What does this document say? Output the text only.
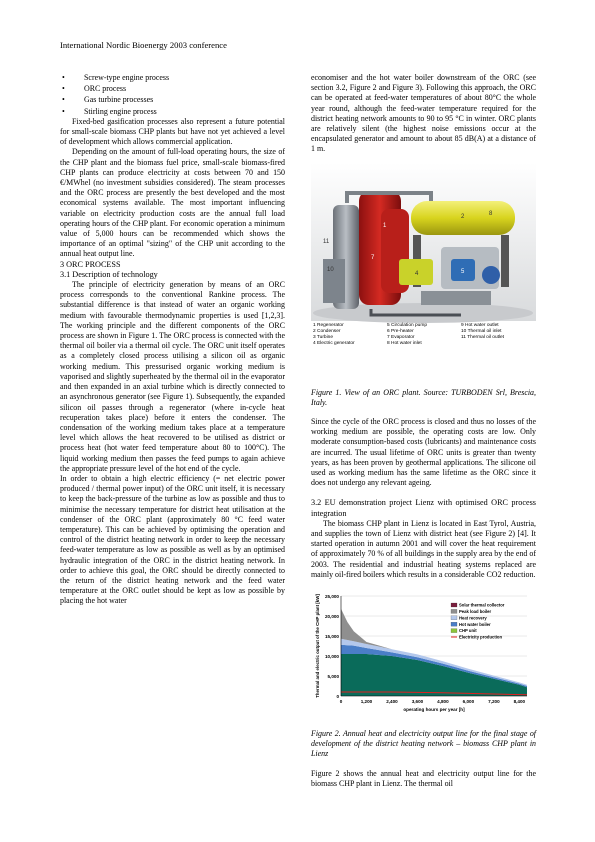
International Nordic Bioenergy 2003 conference
• Screw-type engine process
• ORC process
• Gas turbine processes
• Stirling engine process

Fixed-bed gasification processes also represent a future potential for small-scale biomass CHP plants but have not yet achieved a level of development which allows commercial application.

Depending on the amount of full-load operating hours, the size of the CHP plant and the biomass fuel price, small-scale biomass-fired CHP plants can produce electricity at costs between 70 and 150 €/MWhel (no investment subsidies considered). The steam processes and the ORC process are presently the best developed and the most economical systems available. The most important influencing variable on electricity production costs are the annual full load operating hours of the CHP plant. For economic operation a minimum value of 5,000 hours can be recommended which shows the importance of an optimal "sizing" of the CHP unit according to the annual heat output line.

3 ORC PROCESS

3.1 Description of technology

The principle of electricity generation by means of an ORC process corresponds to the conventional Rankine process. The substantial difference is that instead of water an organic working medium with favourable thermodynamic properties is used [1,2,3]. The working principle and the different components of the ORC process are shown in Figure 1. The ORC process is connected with the thermal oil boiler via a thermal oil cycle. The ORC unit itself operates as a completely closed process utilising a silicon oil as organic working medium. This pressurised organic working medium is vaporised and slightly superheated by the thermal oil in the evaporator and then expanded in an axial turbine which is directly connected to an asynchronous generator (see Figure 1). Subsequently, the expanded silicon oil passes through a regenerator (where in-cycle heat recuperation takes place) before it enters the condenser. The condensation of the working medium takes place at a temperature level which allows the heat recovered to be utilised as district or process heat (hot water feed temperature about 80 to 100°C). The liquid working medium then passes the feed pumps to again achieve the appropriate pressure level of the hot end of the cycle.

In order to obtain a high electric efficiency (= net electric power produced / thermal power input) of the ORC unit itself, it is necessary to keep the back-pressure of the turbine as low as possible and thus to minimise the necessary temperature for district heat utilisation at the condenser of the ORC plant (approximately 80 °C feed water temperature). This can be achieved by optimising the operation and control of the district heating network in order to keep the necessary feed-water temperature as low as possible as well as by an optimised hydraulic integration of the ORC in the district heating network. In order to achieve this goal, the ORC should be directly connected to the return of the district heating network and the feed water temperature at the ORC outlet should be kept as low as possible by placing the hot water

economiser and the hot water boiler downstream of the ORC (see section 3.2, Figure 2 and Figure 3). Following this approach, the ORC can be operated at feed-water temperatures of about 80°C the whole year round, although the feed-water temperature required for the district heating network amounts to 90 to 95 °C in winter. ORC plants are relatively silent (the highest noise emissions occur at the encapsulated generator and amount to about 85 dB(A) at a distance of 1 m.

11
10
1
2	8
4	5
7
1 Regenerator	5 Circulation pump	9 Hot water outlet
2 Condenser	6 Pre-heater	10 Thermal oil inlet
3 Turbine	7 Evaporator	11 Thermal oil outlet
4 Electric generator	8 Hot water inlet

Figure 1. View of an ORC plant. Source: TURBODEN Srl, Brescia, Italy.

Since the cycle of the ORC process is closed and thus no losses of the working medium are possible, the operating costs are low. Only moderate consumption-based costs (lubricants) and maintenance costs are incurred. The usual lifetime of ORC units is greater than twenty years, as has been proven by geothermal applications. The silicone oil used as working medium has the same lifetime as the ORC since it does not undergo any relevant ageing.

3.2 EU demonstration project Lienz with optimised ORC process integration

The biomass CHP plant in Lienz is located in East Tyrol, Austria, and supplies the town of Lienz with district heat (see Figure 2) [4]. It started operation in autumn 2001 and will cover the heat requirement of approximately 70 % of all buildings in the supply area by the end of 2003. The residential and industrial heating systems replaced are mainly oil-fired boilers which results in a considerable CO2 reduction.

0
5,000
10,000
15,000
20,000
25,000
0	1,200	2,400	3,600	4,800	6,000	7,200	8,400
operating hours per year [h]
Thermal and electric output of the CHP plant [kW]	Solar thermal collector
Peak load boiler
Heat recovery
Hot water boiler
CHP unit
Electricity production

Figure 2. Annual heat and electricity output line for the final stage of development of the district heating network – biomass CHP plant in Lienz

Figure 2 shows the annual heat and electricity output line for the biomass CHP plant in Lienz. The thermal oil
